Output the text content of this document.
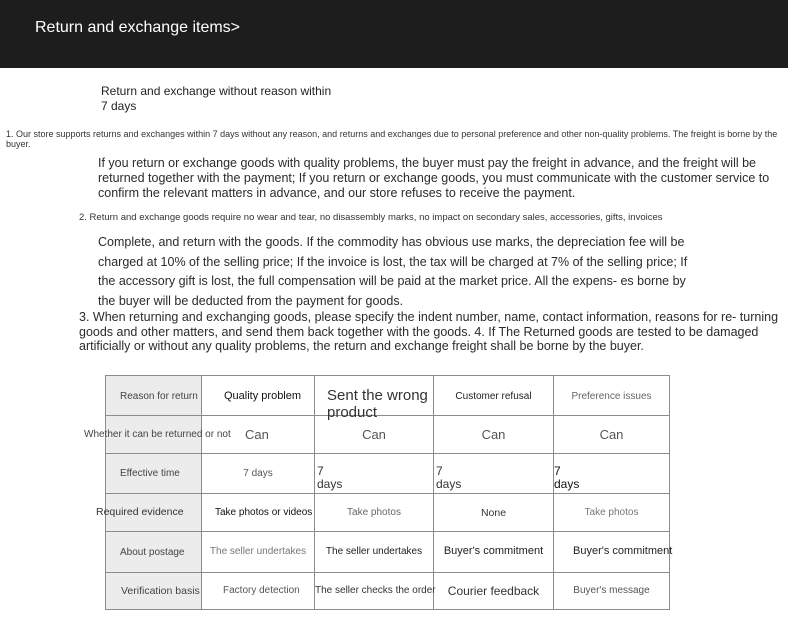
Return and exchange items>
Return and exchange without reason within
7 days

1. Our store supports returns and exchanges within 7 days without any reason, and returns and exchanges due to personal preference and other non-quality problems. The freight is borne by the buyer.

If you return or exchange goods with quality problems, the buyer must pay the freight in advance, and the freight will be returned together with the payment; If you return or exchange goods, you must communicate with the customer service to confirm the relevant matters in advance, and our store refuses to receive the payment.

2. Return and exchange goods require no wear and tear, no disassembly marks, no impact on secondary sales, accessories, gifts, invoices

Complete, and return with the goods. If the commodity has obvious use marks, the depreciation fee will be charged at 10% of the selling price; If the invoice is lost, the tax will be charged at 7% of the selling price; If the accessory gift is lost, the full compensation will be paid at the market price. All the expens- es borne by the buyer will be deducted from the payment for goods.

3. When returning and exchanging goods, please specify the indent number, name, contact information, reasons for re- turning goods and other matters, and send them back together with the goods. 4. If The Returned goods are tested to be damaged artificially or without any quality problems, the return and exchange freight shall be borne by the buyer.

Reason for return	Quality problem	Sent the wrong product	Customer refusal	Preference issues

Whether it can be returned or not	Can	Can	Can	Can

Effective time	7 days	7 days	7 days	7 days

Required evidence	Take photos or videos	Take photos	None	Take photos

About postage	The seller undertakes	The seller undertakes	Buyer's commitment	Buyer's commitment

Verification basis	Factory detection	The seller checks the order	Courier feedback	Buyer's message
